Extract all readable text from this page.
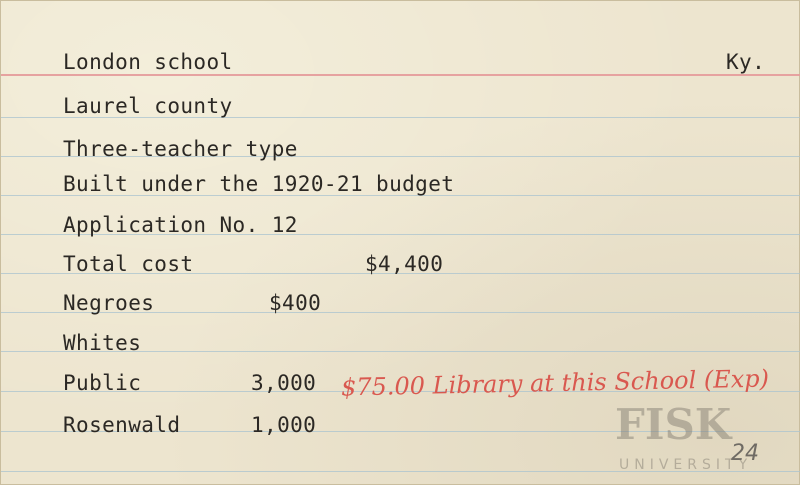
London school	Ky.
Laurel county
Three-teacher type
Built under the 1920-21 budget
Application No. 12
Total cost	$4,400
Negroes	$400
Whites
Public	3,000
Rosenwald	1,000
$75.00 Library at this School (Exp)
24
FISK
UNIVERSITY
